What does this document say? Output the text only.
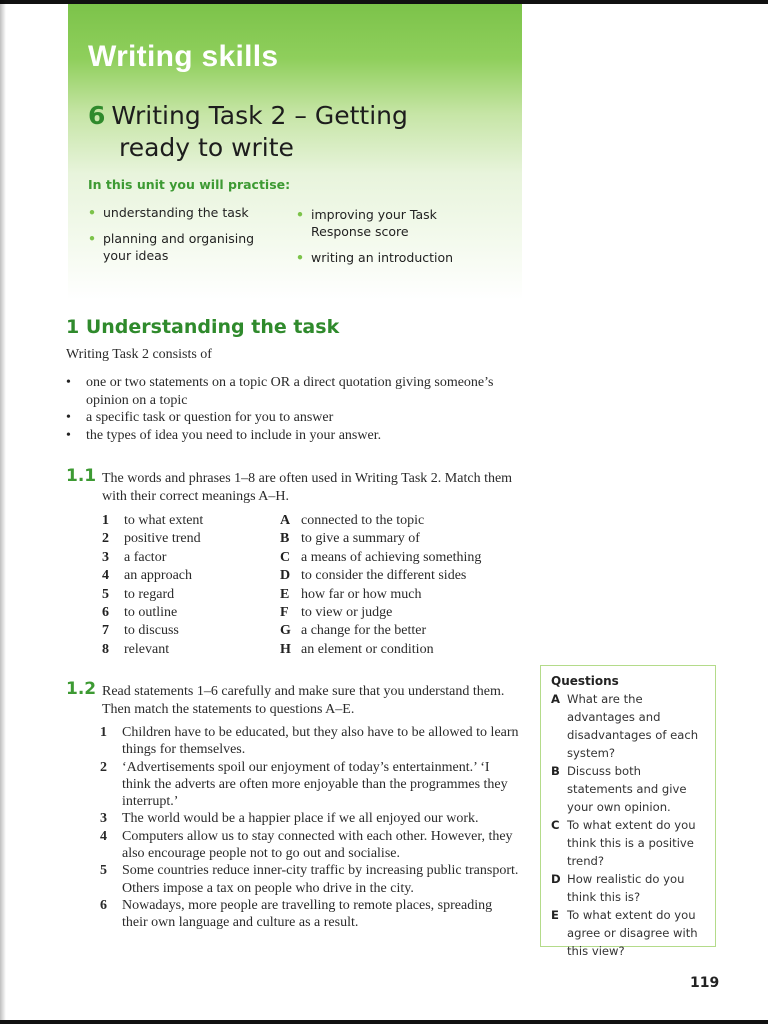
Writing skills
6 Writing Task 2 – Getting
ready to write
In this unit you will practise:
• understanding the task
• planning and organising your ideas
• improving your Task Response score
• writing an introduction
1 Understanding the task
Writing Task 2 consists of
• one or two statements on a topic OR a direct quotation giving someone’s opinion on a topic
• a specific task or question for you to answer
• the types of idea you need to include in your answer.
1.1 The words and phrases 1–8 are often used in Writing Task 2. Match them with their correct meanings A–H.
1 to what extent
2 positive trend
3 a factor
4 an approach
5 to regard
6 to outline
7 to discuss
8 relevant
A connected to the topic
B to give a summary of
C a means of achieving something
D to consider the different sides
E how far or how much
F to view or judge
G a change for the better
H an element or condition
1.2 Read statements 1–6 carefully and make sure that you understand them. Then match the statements to questions A–E.
1 Children have to be educated, but they also have to be allowed to learn things for themselves.
2 ‘Advertisements spoil our enjoyment of today’s entertainment.’ ‘I think the adverts are often more enjoyable than the programmes they interrupt.’
3 The world would be a happier place if we all enjoyed our work.
4 Computers allow us to stay connected with each other. However, they also encourage people not to go out and socialise.
5 Some countries reduce inner-city traffic by increasing public transport. Others impose a tax on people who drive in the city.
6 Nowadays, more people are travelling to remote places, spreading their own language and culture as a result.
Questions
A What are the advantages and disadvantages of each system?
B Discuss both statements and give your own opinion.
C To what extent do you think this is a positive trend?
D How realistic do you think this is?
E To what extent do you agree or disagree with this view?
119
